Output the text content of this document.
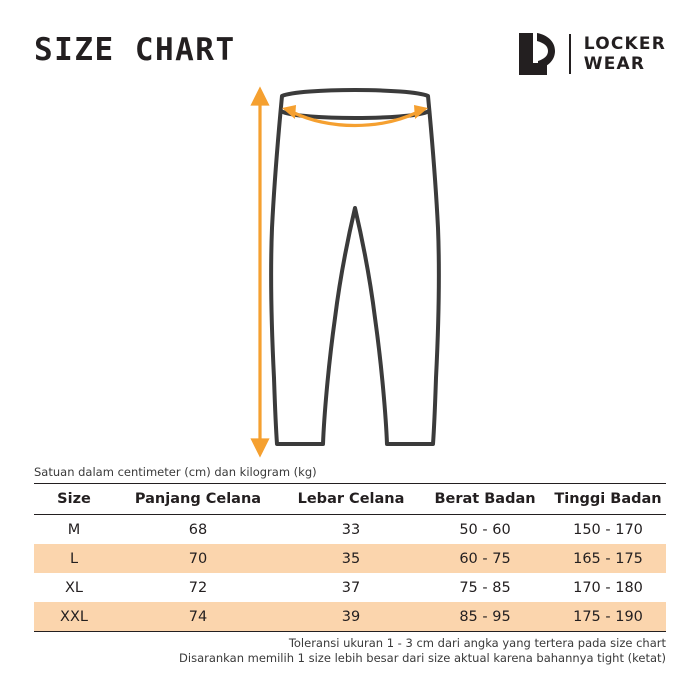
SIZE CHART	LOCKER
WEAR
Satuan dalam centimeter (cm) dan kilogram (kg)
Size	Panjang Celana	Lebar Celana	Berat Badan	Tinggi Badan
M	68	33	50 - 60	150 - 170
L	70	35	60 - 75	165 - 175
XL	72	37	75 - 85	170 - 180
XXL	74	39	85 - 95	175 - 190
Toleransi ukuran 1 - 3 cm dari angka yang tertera pada size chart
Disarankan memilih 1 size lebih besar dari size aktual karena bahannya tight (ketat)
